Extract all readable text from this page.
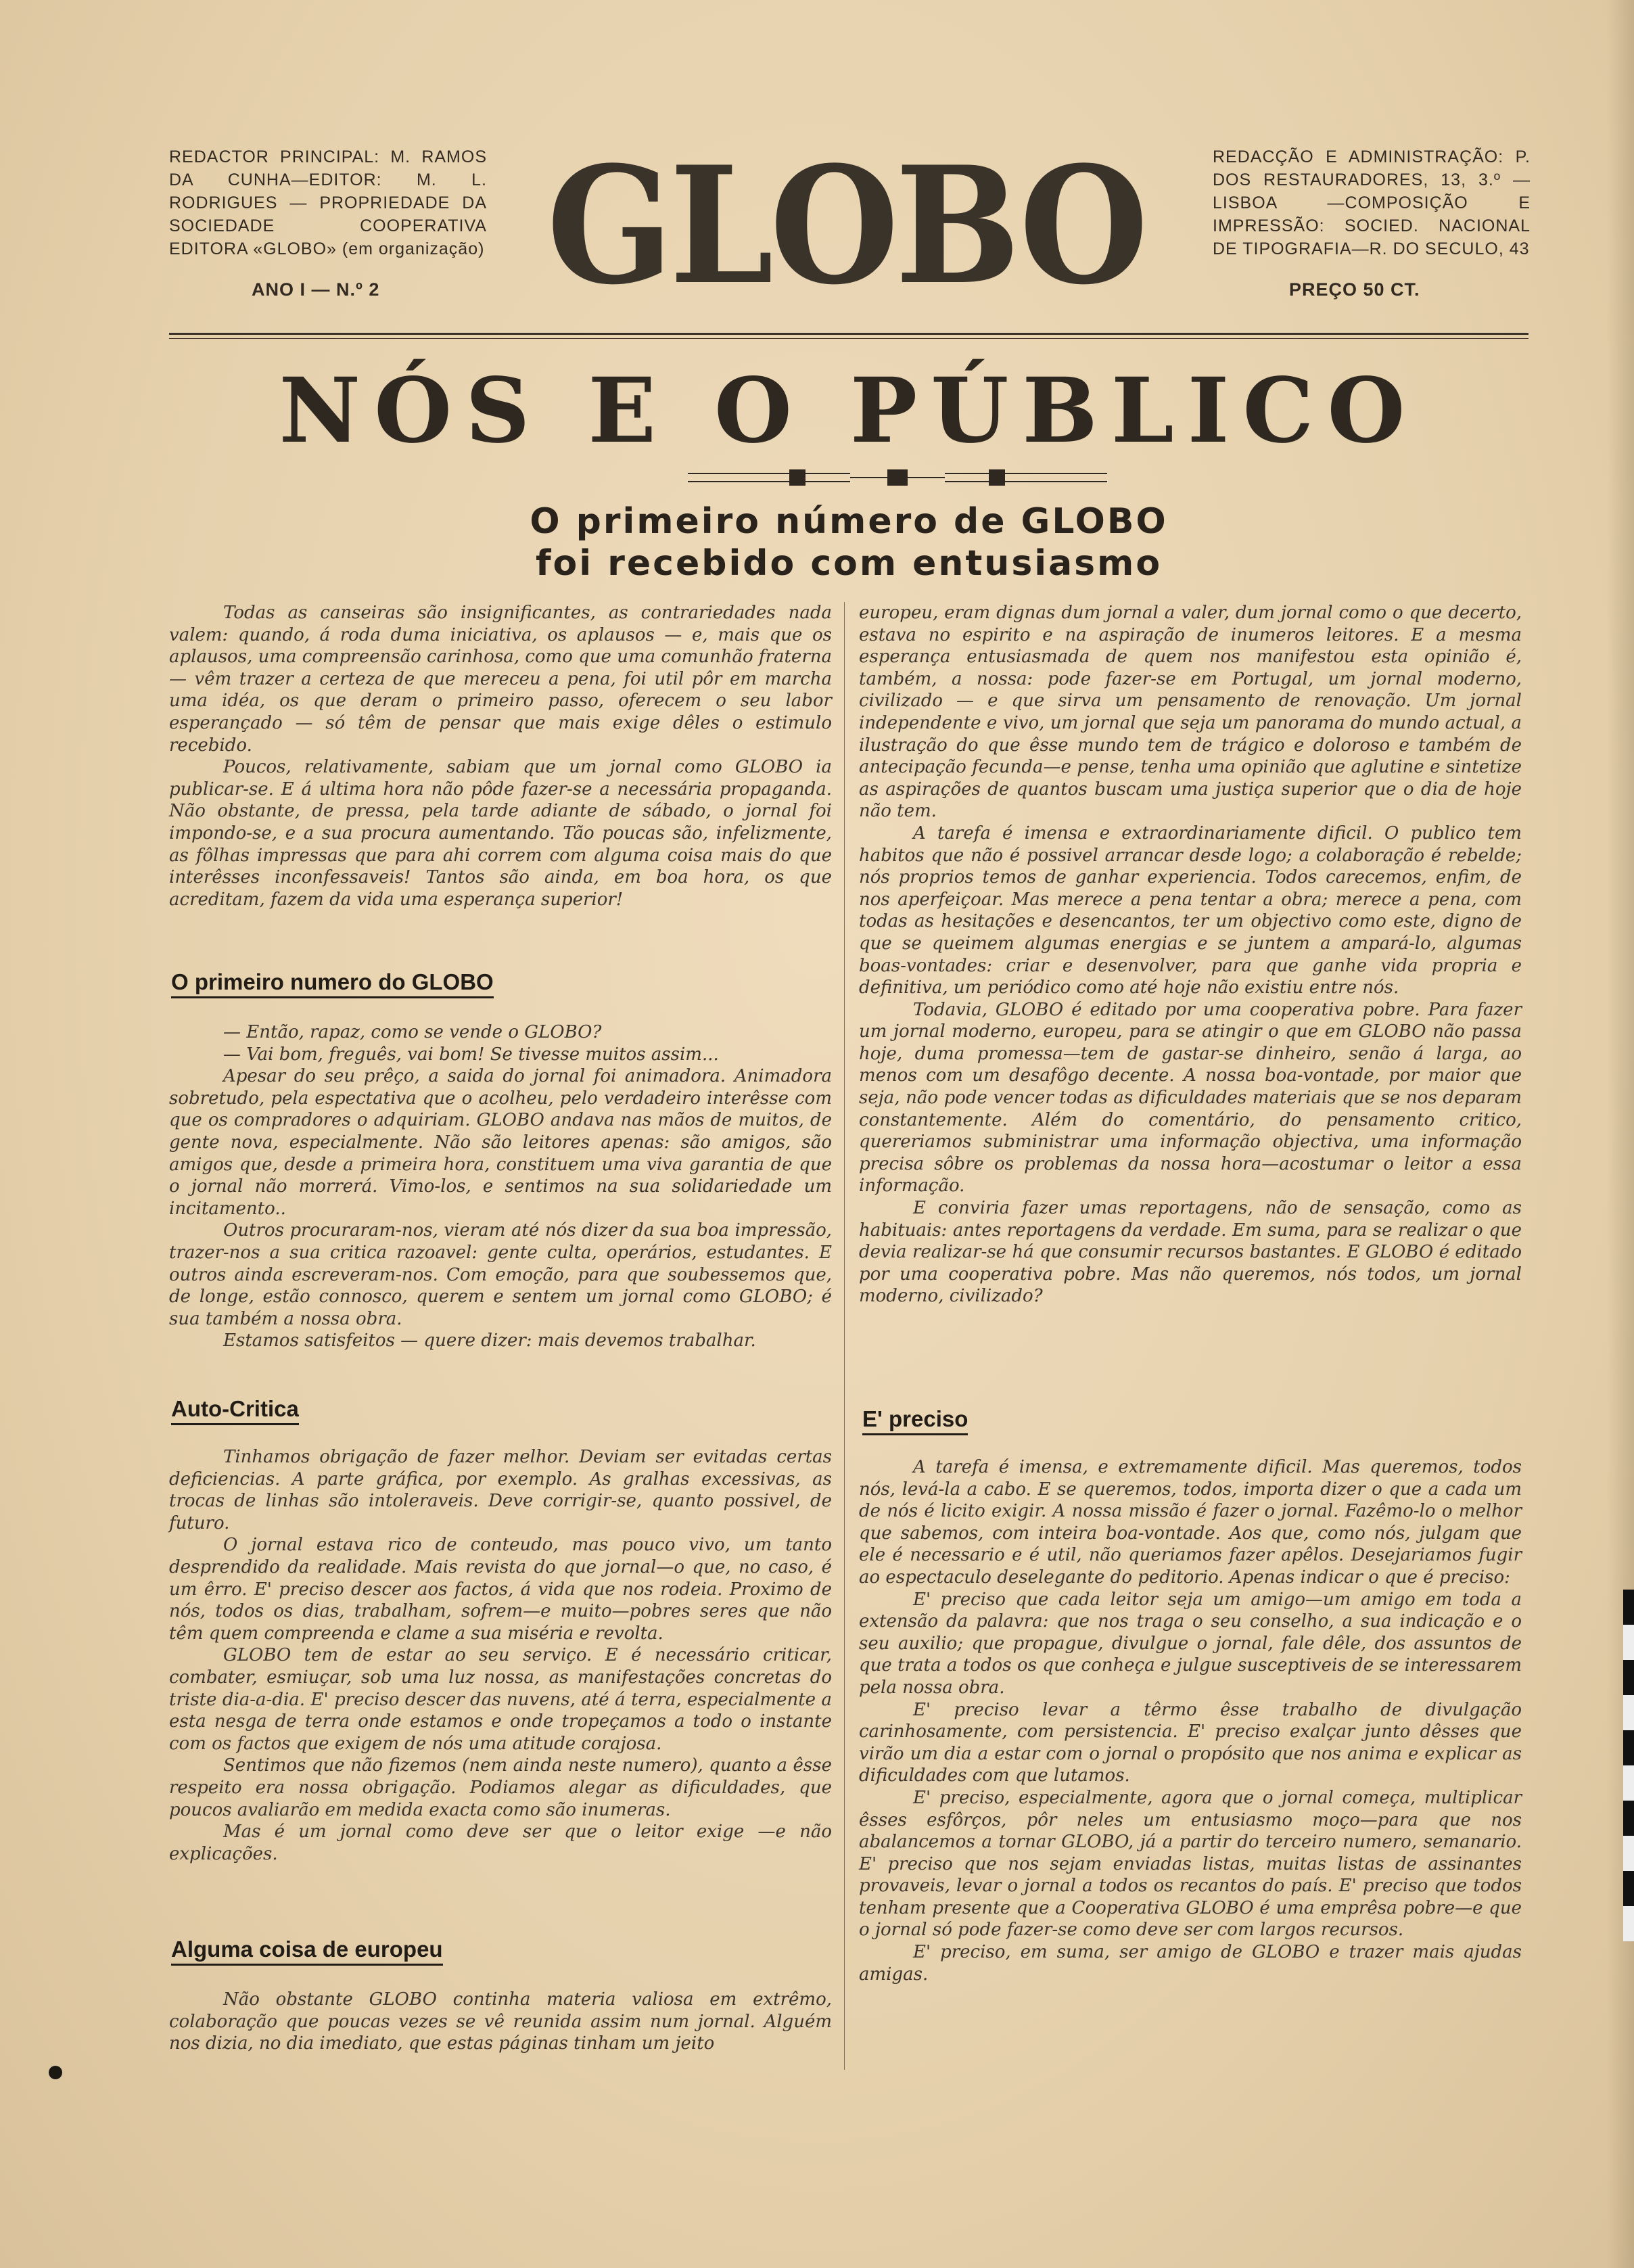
REDACTOR PRINCIPAL: M. RAMOS DA CUNHA—EDITOR: M. L. RODRIGUES — PROPRIEDADE DA SOCIEDADE COOPERATIVA EDITORA «GLOBO» (em organização) GLOBO	REDACÇÃO E ADMINISTRAÇÃO: P. DOS RESTAURADORES, 13, 3.º —LISBOA —COMPOSIÇÃO E IMPRESSÃO: SOCIED. NACIONAL DE TIPOGRAFIA—R. DO SECULO, 43
ANO I — N.º 2	PREÇO 50 CT.
NÓS E O PÚBLICO
O primeiro número de GLOBO
foi recebido com entusiasmo

Todas as canseiras são insignificantes, as contrariedades nada valem: quando, á roda duma iniciativa, os aplausos — e, mais que os aplausos, uma compreensão carinhosa, como que uma comunhão fraterna — vêm trazer a certeza de que mereceu a pena, foi util pôr em marcha uma idéa, os que deram o primeiro passo, oferecem o seu labor esperançado — só têm de pensar que mais exige dêles o estimulo recebido.

Poucos, relativamente, sabiam que um jornal como GLOBO ia publicar-se. E á ultima hora não pôde fazer-se a necessária propaganda. Não obstante, de pressa, pela tarde adiante de sábado, o jornal foi impondo-se, e a sua procura aumentando. Tão poucas são, infelizmente, as fôlhas impressas que para ahi correm com alguma coisa mais do que interêsses inconfessaveis! Tantos são ainda, em boa hora, os que acreditam, fazem da vida uma esperança superior!

O primeiro numero do GLOBO

— Então, rapaz, como se vende o GLOBO?

— Vai bom, freguês, vai bom! Se tivesse muitos assim...

Apesar do seu prêço, a saida do jornal foi animadora. Animadora sobretudo, pela espectativa que o acolheu, pelo verdadeiro interêsse com que os compradores o adquiriam. GLOBO andava nas mãos de muitos, de gente nova, especialmente. Não são leitores apenas: são amigos, são amigos que, desde a primeira hora, constituem uma viva garantia de que o jornal não morrerá. Vimo-los, e sentimos na sua solidariedade um incitamento..

Outros procuraram-nos, vieram até nós dizer da sua boa impressão, trazer-nos a sua critica razoavel: gente culta, operários, estudantes. E outros ainda escreveram-nos. Com emoção, para que soubessemos que, de longe, estão connosco, querem e sentem um jornal como GLOBO; é sua também a nossa obra.

Estamos satisfeitos — quere dizer: mais devemos trabalhar.

Auto-Critica

Tinhamos obrigação de fazer melhor. Deviam ser evitadas certas deficiencias. A parte gráfica, por exemplo. As gralhas excessivas, as trocas de linhas são intoleraveis. Deve corrigir-se, quanto possivel, de futuro.

O jornal estava rico de conteudo, mas pouco vivo, um tanto desprendido da realidade. Mais revista do que jornal—o que, no caso, é um êrro. E' preciso descer aos factos, á vida que nos rodeia. Proximo de nós, todos os dias, trabalham, sofrem—e muito—pobres seres que não têm quem compreenda e clame a sua miséria e revolta.

GLOBO tem de estar ao seu serviço. E é necessário criticar, combater, esmiuçar, sob uma luz nossa, as manifestações concretas do triste dia-a-dia. E' preciso descer das nuvens, até á terra, especialmente a esta nesga de terra onde estamos e onde tropeçamos a todo o instante com os factos que exigem de nós uma atitude corajosa.

Sentimos que não fizemos (nem ainda neste numero), quanto a êsse respeito era nossa obrigação. Podiamos alegar as dificuldades, que poucos avaliarão em medida exacta como são inumeras.

Mas é um jornal como deve ser que o leitor exige —e não explicações.

Alguma coisa de europeu

Não obstante GLOBO continha materia valiosa em extrêmo, colaboração que poucas vezes se vê reunida assim num jornal. Alguém nos dizia, no dia imediato, que estas páginas tinham um jeito

europeu, eram dignas dum jornal a valer, dum jornal como o que decerto, estava no espirito e na aspiração de inumeros leitores. E a mesma esperança entusiasmada de quem nos manifestou esta opinião é, também, a nossa: pode fazer-se em Portugal, um jornal moderno, civilizado — e que sirva um pensamento de renovação. Um jornal independente e vivo, um jornal que seja um panorama do mundo actual, a ilustração do que êsse mundo tem de trágico e doloroso e também de antecipação fecunda—e pense, tenha uma opinião que aglutine e sintetize as aspirações de quantos buscam uma justiça superior que o dia de hoje não tem.

A tarefa é imensa e extraordinariamente dificil. O publico tem habitos que não é possivel arrancar desde logo; a colaboração é rebelde; nós proprios temos de ganhar experiencia. Todos carecemos, enfim, de nos aperfeiçoar. Mas merece a pena tentar a obra; merece a pena, com todas as hesitações e desencantos, ter um objectivo como este, digno de que se queimem algumas energias e se juntem a ampará-lo, algumas boas-vontades: criar e desenvolver, para que ganhe vida propria e definitiva, um periódico como até hoje não existiu entre nós.

Todavia, GLOBO é editado por uma cooperativa pobre. Para fazer um jornal moderno, europeu, para se atingir o que em GLOBO não passa hoje, duma promessa—tem de gastar-se dinheiro, senão á larga, ao menos com um desafôgo decente. A nossa boa-vontade, por maior que seja, não pode vencer todas as dificuldades materiais que se nos deparam constantemente. Além do comentário, do pensamento critico, quereriamos subministrar uma informação objectiva, uma informação precisa sôbre os problemas da nossa hora—acostumar o leitor a essa informação.

E conviria fazer umas reportagens, não de sensação, como as habituais: antes reportagens da verdade. Em suma, para se realizar o que devia realizar-se há que consumir recursos bastantes. E GLOBO é editado por uma cooperativa pobre. Mas não queremos, nós todos, um jornal moderno, civilizado?

E' preciso

A tarefa é imensa, e extremamente dificil. Mas queremos, todos nós, levá-la a cabo. E se queremos, todos, importa dizer o que a cada um de nós é licito exigir. A nossa missão é fazer o jornal. Fazêmo-lo o melhor que sabemos, com inteira boa-vontade. Aos que, como nós, julgam que ele é necessario e é util, não queriamos fazer apêlos. Desejariamos fugir ao espectaculo deselegante do peditorio. Apenas indicar o que é preciso:

E' preciso que cada leitor seja um amigo—um amigo em toda a extensão da palavra: que nos traga o seu conselho, a sua indicação e o seu auxilio; que propague, divulgue o jornal, fale dêle, dos assuntos de que trata a todos os que conheça e julgue susceptiveis de se interessarem pela nossa obra.

E' preciso levar a têrmo êsse trabalho de divulgação carinhosamente, com persistencia. E' preciso exalçar junto dêsses que virão um dia a estar com o jornal o propósito que nos anima e explicar as dificuldades com que lutamos.

E' preciso, especialmente, agora que o jornal começa, multiplicar êsses esfôrços, pôr neles um entusiasmo moço—para que nos abalancemos a tornar GLOBO, já a partir do terceiro numero, semanario. E' preciso que nos sejam enviadas listas, muitas listas de assinantes provaveis, levar o jornal a todos os recantos do país. E' preciso que todos tenham presente que a Cooperativa GLOBO é uma emprêsa pobre—e que o jornal só pode fazer-se como deve ser com largos recursos.

E' preciso, em suma, ser amigo de GLOBO e trazer mais ajudas amigas.
